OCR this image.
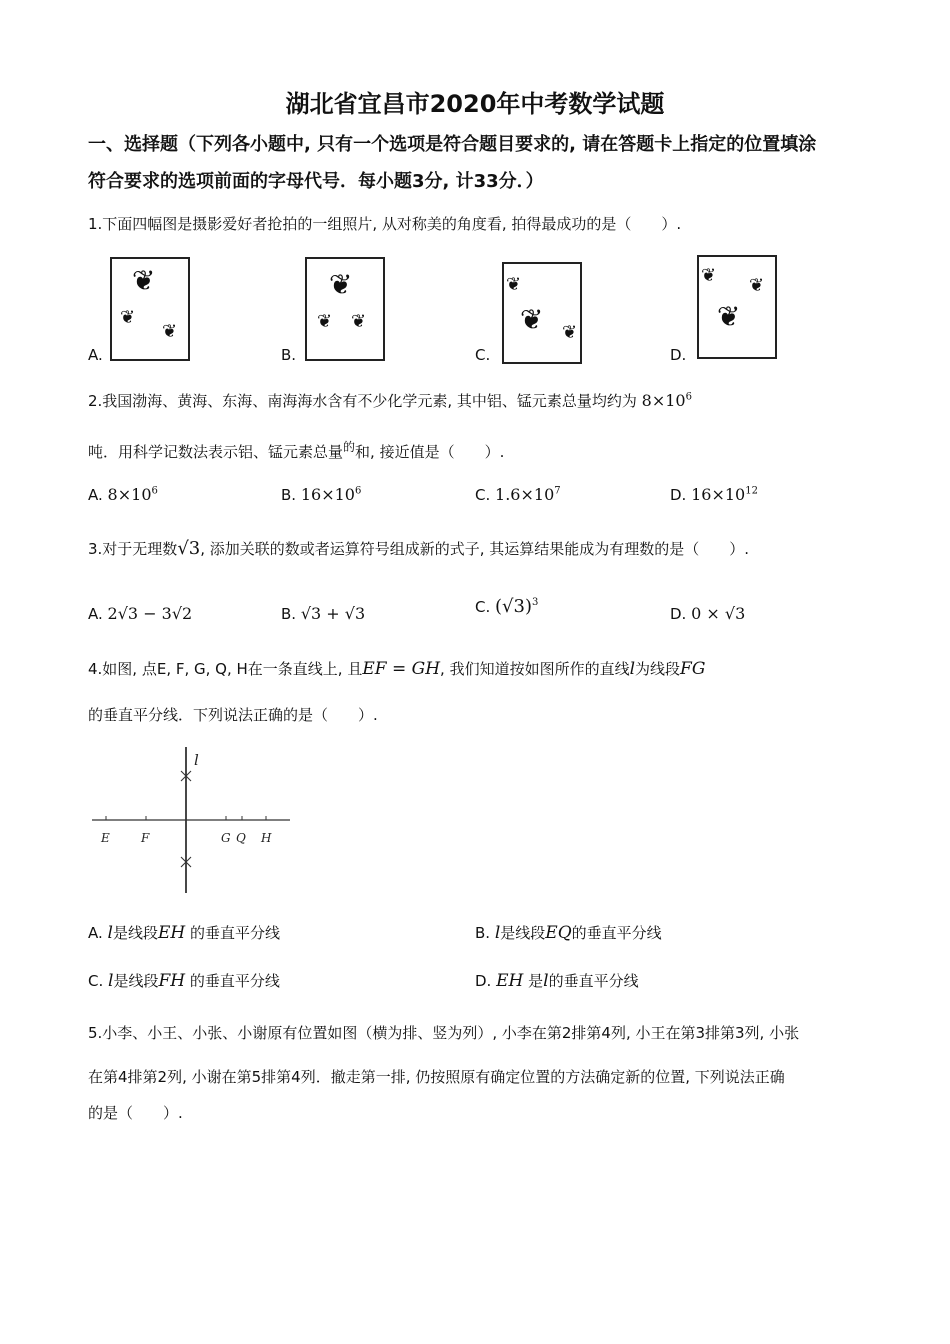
湖北省宜昌市2020年中考数学试题
一、选择题（下列各小题中, 只有一个选项是符合题目要求的, 请在答题卡上指定的位置填涂
符合要求的选项前面的字母代号．每小题3分, 计33分．）
1.下面四幅图是摄影爱好者抢拍的一组照片, 从对称美的角度看, 拍得最成功的是（　　）.
A.
❦
❦
❦
B.
❦
❦ ❦
C.
❦
❦ ❦
D.
❦ ❦
❦
2.我国渤海、黄海、东海、南海海水含有不少化学元素, 其中铝、锰元素总量均约为 $8\times 10^6$
吨．用科学记数法表示铝、锰元素总量$^的$和, 接近值是（　　）.
A. $8\times 10^6$	B. $16\times 10^6$	C. $1.6\times 10^7$	D. $16\times 10^{12}$
3.对于无理数√3, 添加关联的数或者运算符号组成新的式子, 其运算结果能成为有理数的是（　　）.
A. 2√3 − 3√2	B. √3 + √3	C. $(√3)^3$
D. 0 × √3
4.如图, 点E, F, G, Q, H在一条直线上, 且EF = GH, 我们知道按如图所作的直线l为线段FG
的垂直平分线．下列说法正确的是（　　）.
l
E	F	G Q H
A. l是线段EH 的垂直平分线	B. l是线段EQ的垂直平分线
C. l是线段FH 的垂直平分线	D. EH 是l的垂直平分线
5.小李、小王、小张、小谢原有位置如图（横为排、竖为列）, 小李在第2排第4列, 小王在第3排第3列, 小张
在第4排第2列, 小谢在第5排第4列．撤走第一排, 仍按照原有确定位置的方法确定新的位置, 下列说法正确
的是（　　）.
